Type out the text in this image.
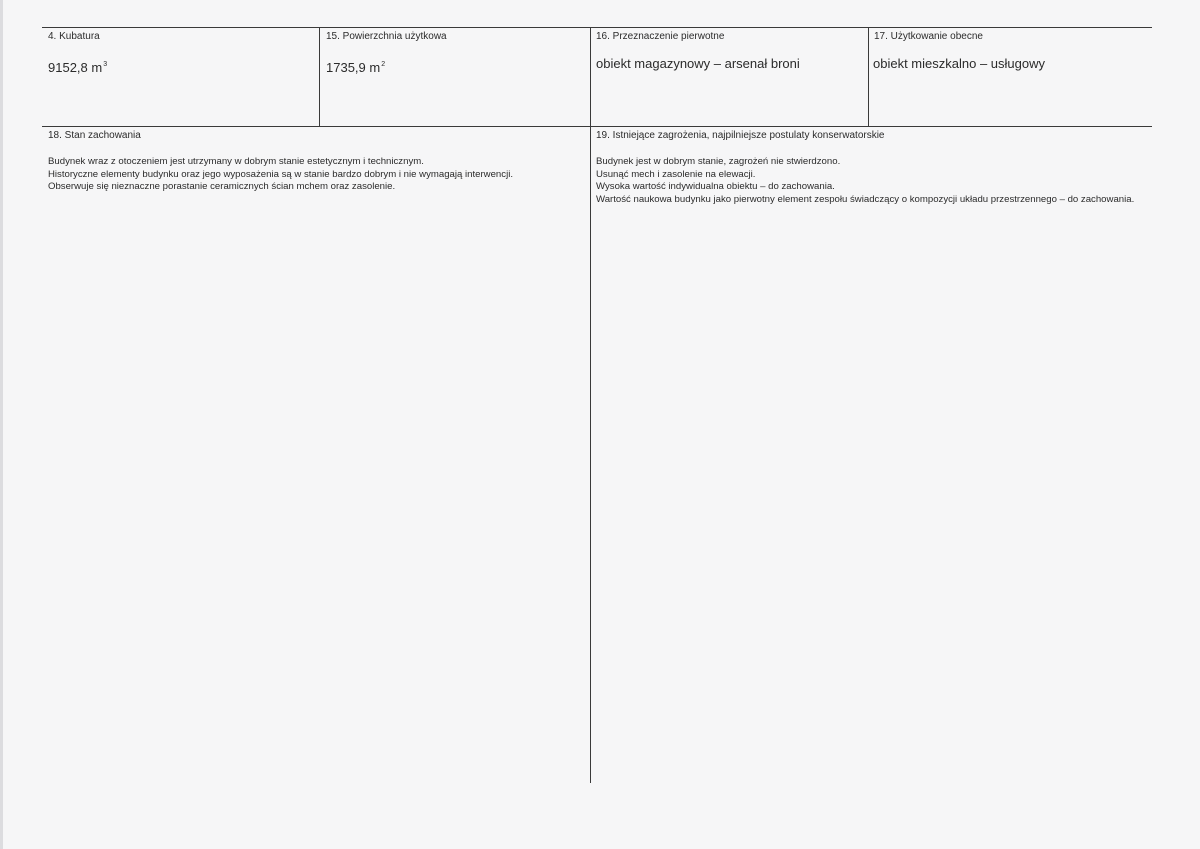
4. Kubatura
9152,8 $m^3$
15. Powierzchnia użytkowa
1735,9 $m^2$
16. Przeznaczenie pierwotne
obiekt magazynowy – arsenał broni
17. Użytkowanie obecne
obiekt mieszkalno – usługowy
18. Stan zachowania
Budynek wraz z otoczeniem jest utrzymany w dobrym stanie estetycznym i technicznym.
Historyczne elementy budynku oraz jego wyposażenia są w stanie bardzo dobrym i nie wymagają interwencji.
Obserwuje się nieznaczne porastanie ceramicznych ścian mchem oraz zasolenie.
19. Istniejące zagrożenia, najpilniejsze postulaty konserwatorskie
Budynek jest w dobrym stanie, zagrożeń nie stwierdzono.
Usunąć mech i zasolenie na elewacji.
Wysoka wartość indywidualna obiektu – do zachowania.
Wartość naukowa budynku jako pierwotny element zespołu świadczący o kompozycji układu przestrzennego – do zachowania.
